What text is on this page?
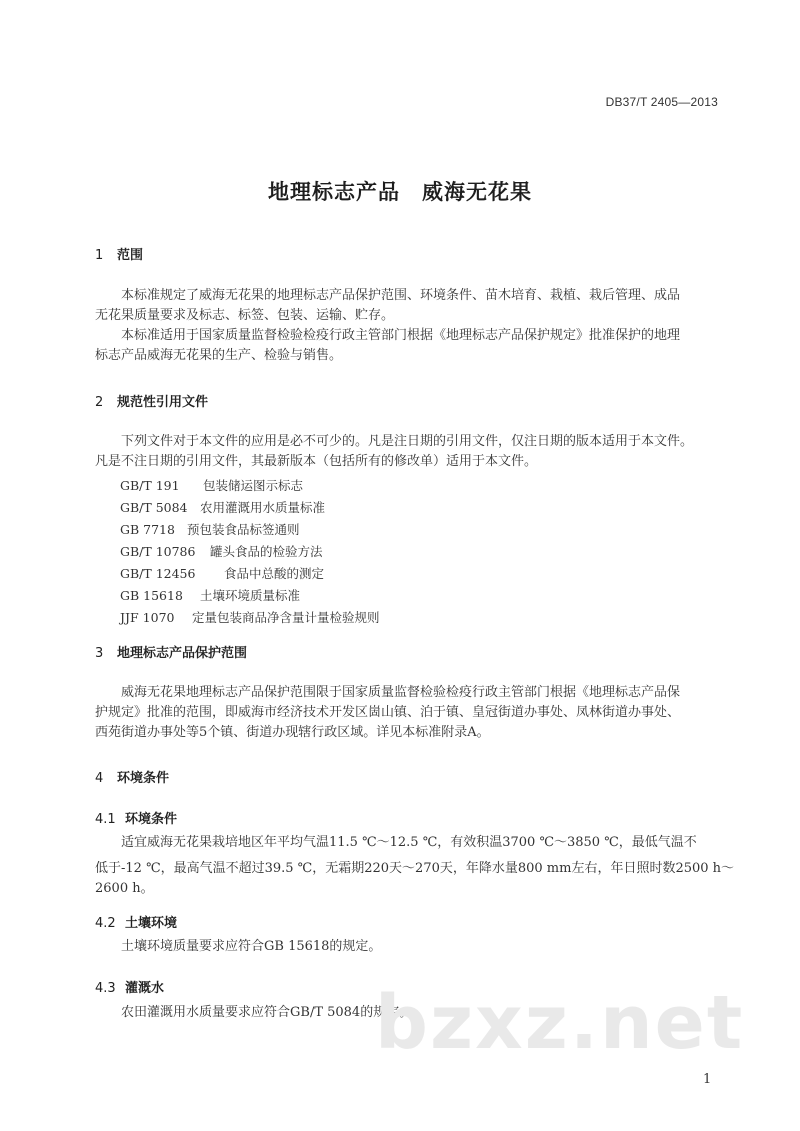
DB37/T 2405—2013
地理标志产品 威海无花果
1 范围
本标准规定了威海无花果的地理标志产品保护范围、环境条件、苗木培育、栽植、栽后管理、成品
无花果质量要求及标志、标签、包装、运输、贮存。
本标准适用于国家质量监督检验检疫行政主管部门根据《地理标志产品保护规定》批准保护的地理
标志产品威海无花果的生产、检验与销售。
2 规范性引用文件
下列文件对于本文件的应用是必不可少的。凡是注日期的引用文件，仅注日期的版本适用于本文件。
凡是不注日期的引用文件，其最新版本（包括所有的修改单）适用于本文件。
GB/T 191 包装储运图示标志
GB/T 5084 农用灌溉用水质量标准
GB 7718 预包装食品标签通则
GB/T 10786 罐头食品的检验方法
GB/T 12456 食品中总酸的测定
GB 15618 土壤环境质量标准
JJF 1070 定量包装商品净含量计量检验规则
3 地理标志产品保护范围
威海无花果地理标志产品保护范围限于国家质量监督检验检疫行政主管部门根据《地理标志产品保
护规定》批准的范围，即威海市经济技术开发区崮山镇、泊于镇、皇冠街道办事处、凤林街道办事处、
西苑街道办事处等5个镇、街道办现辖行政区域。详见本标准附录A。
4 环境条件
4.1 环境条件
适宜威海无花果栽培地区年平均气温11.5 ℃～12.5 ℃，有效积温3700 ℃～3850 ℃，最低气温不
低于-12 ℃，最高气温不超过39.5 ℃，无霜期220天～270天，年降水量800 mm左右，年日照时数2500 h～
2600 h。
4.2 土壤环境
土壤环境质量要求应符合GB 15618的规定。
4.3 灌溉水
农田灌溉用水质量要求应符合GB/T 5084的规定。
bzxz.net
1
